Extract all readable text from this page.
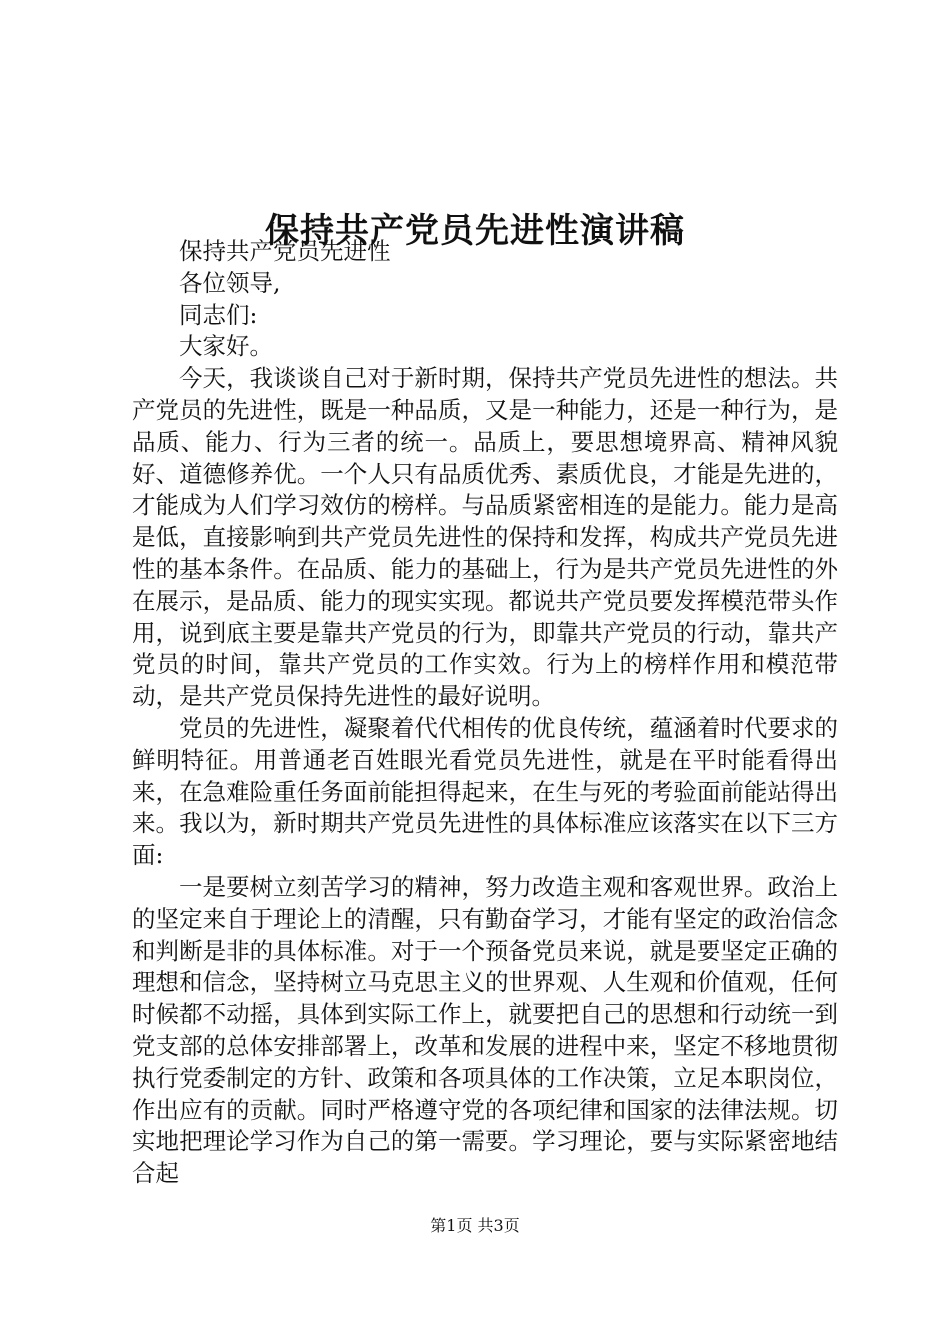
保持共产党员先进性演讲稿

保持共产党员先进性

各位领导,

同志们:

大家好。

今天，我谈谈自己对于新时期，保持共产党员先进性的想法。共产党员的先进性，既是一种品质，又是一种能力，还是一种行为，是品质、能力、行为三者的统一。品质上，要思想境界高、精神风貌好、道德修养优。一个人只有品质优秀、素质优良，才能是先进的，才能成为人们学习效仿的榜样。与品质紧密相连的是能力。能力是高是低，直接影响到共产党员先进性的保持和发挥，构成共产党员先进性的基本条件。在品质、能力的基础上，行为是共产党员先进性的外在展示，是品质、能力的现实实现。都说共产党员要发挥模范带头作用，说到底主要是靠共产党员的行为，即靠共产党员的行动，靠共产党员的时间，靠共产党员的工作实效。行为上的榜样作用和模范带动，是共产党员保持先进性的最好说明。

党员的先进性，凝聚着代代相传的优良传统，蕴涵着时代要求的鲜明特征。用普通老百姓眼光看党员先进性，就是在平时能看得出来，在急难险重任务面前能担得起来，在生与死的考验面前能站得出来。我以为，新时期共产党员先进性的具体标准应该落实在以下三方面:

一是要树立刻苦学习的精神，努力改造主观和客观世界。政治上的坚定来自于理论上的清醒，只有勤奋学习，才能有坚定的政治信念和判断是非的具体标准。对于一个预备党员来说，就是要坚定正确的理想和信念，坚持树立马克思主义的世界观、人生观和价值观，任何时候都不动摇，具体到实际工作上，就要把自己的思想和行动统一到党支部的总体安排部署上，改革和发展的进程中来，坚定不移地贯彻执行党委制定的方针、政策和各项具体的工作决策，立足本职岗位，作出应有的贡献。同时严格遵守党的各项纪律和国家的法律法规。切实地把理论学习作为自己的第一需要。学习理论，要与实际紧密地结合起

第1页 共3页
